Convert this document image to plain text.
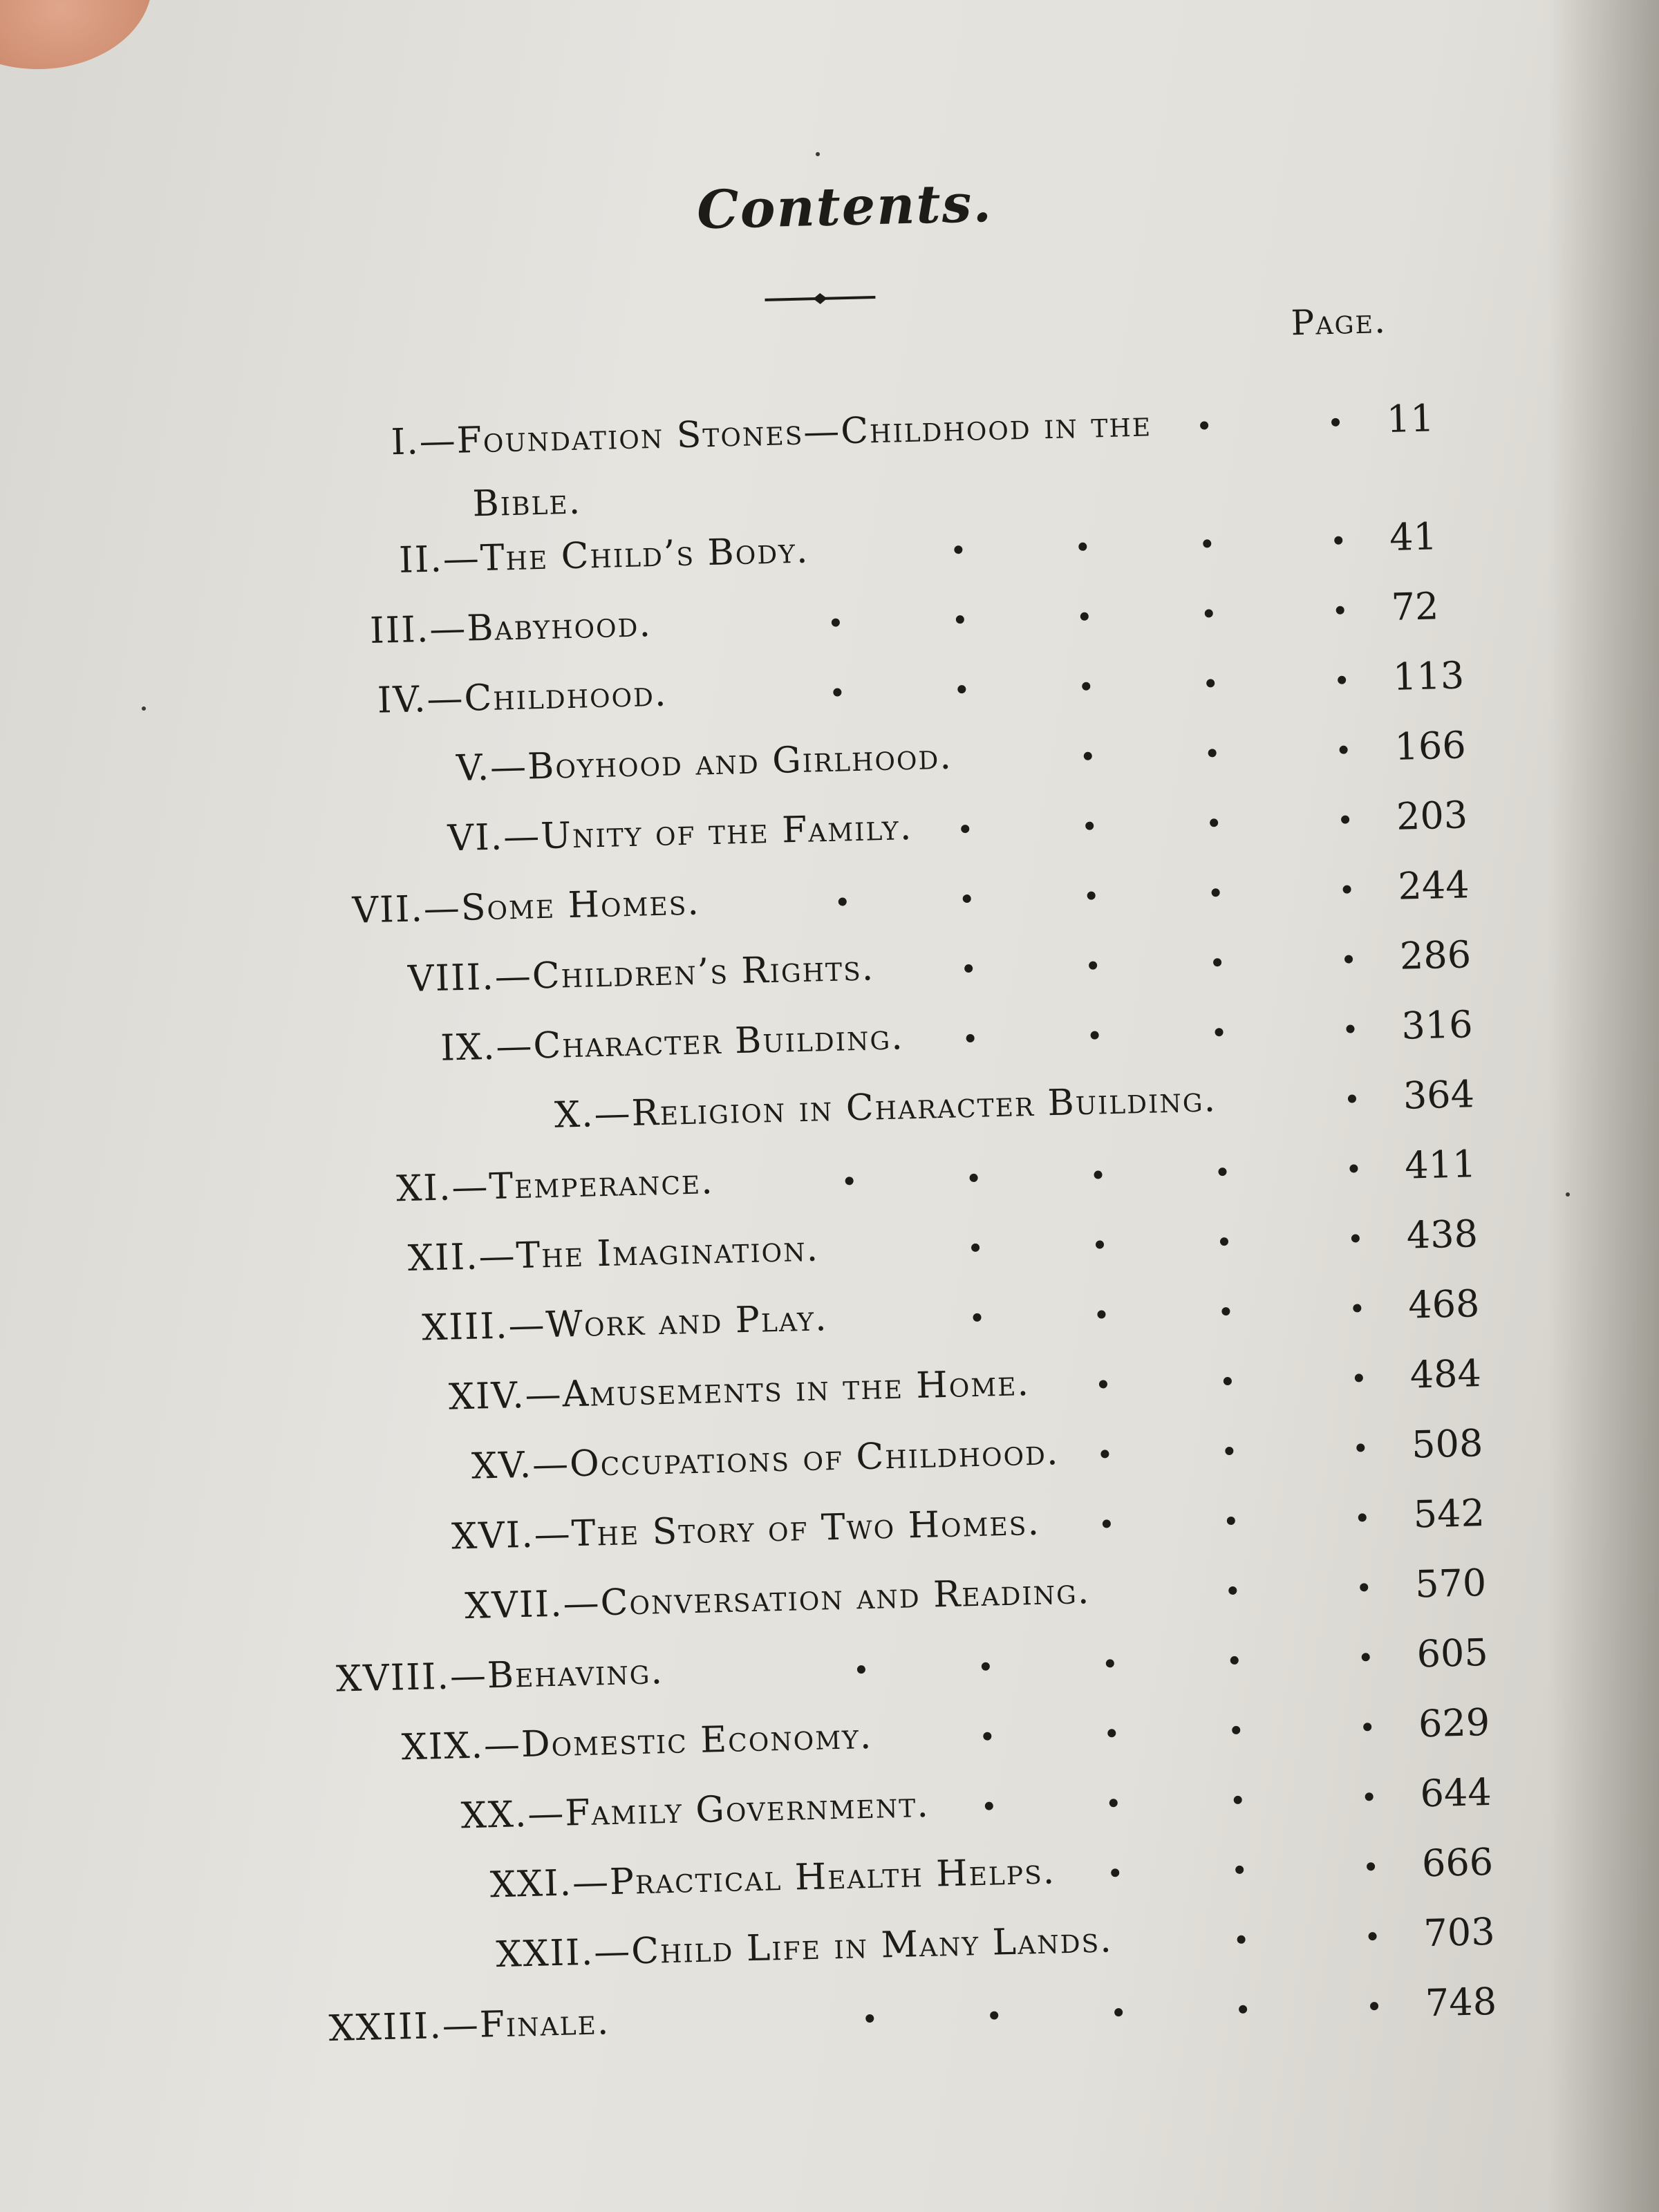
Contents.
Page.
I.—Foundation Stones—Childhood in the	11
Bible.
II.—The Child’s Body.	41
III.—Babyhood.	72
IV.—Childhood.	113
V.—Boyhood and Girlhood.	166
VI.—Unity of the Family.	203
VII.—Some Homes.	244
VIII.—Children’s Rights.	286
IX.—Character Building.	316
X.—Religion in Character Building.	364
XI.—Temperance.	411
XII.—The Imagination.	438
XIII.—Work and Play.	468
XIV.—Amusements in the Home.	484
XV.—Occupations of Childhood.	508
XVI.—The Story of Two Homes.	542
XVII.—Conversation and Reading.	570
XVIII.—Behaving.	605
XIX.—Domestic Economy.	629
XX.—Family Government.	644
XXI.—Practical Health Helps.	666
XXII.—Child Life in Many Lands.	703
XXIII.—Finale.	748
